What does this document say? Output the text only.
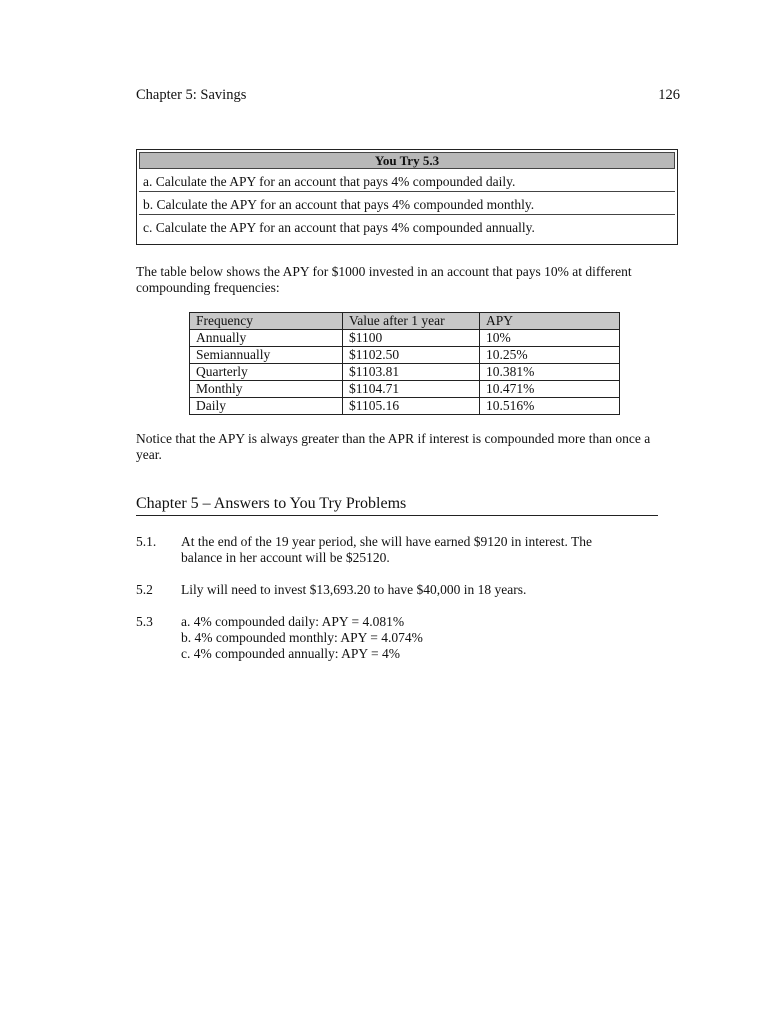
Chapter 5: Savings	126
You Try 5.3
a. Calculate the APY for an account that pays 4% compounded daily.
b. Calculate the APY for an account that pays 4% compounded monthly.
c. Calculate the APY for an account that pays 4% compounded annually.
The table below shows the APY for $1000 invested in an account that pays 10% at different compounding frequencies:
Frequency	Value after 1 year	APY
Annually	$1100	10%
Semiannually	$1102.50	10.25%
Quarterly	$1103.81	10.381%
Monthly	$1104.71	10.471%
Daily	$1105.16	10.516%
Notice that the APY is always greater than the APR if interest is compounded more than once a year.
Chapter 5 – Answers to You Try Problems
5.1. At the end of the 19 year period, she will have earned $9120 in interest. The
balance in her account will be $25120.
5.2 Lily will need to invest $13,693.20 to have $40,000 in 18 years.
5.3 a. 4% compounded daily: APY = 4.081%
b. 4% compounded monthly: APY = 4.074%
c. 4% compounded annually: APY = 4%
